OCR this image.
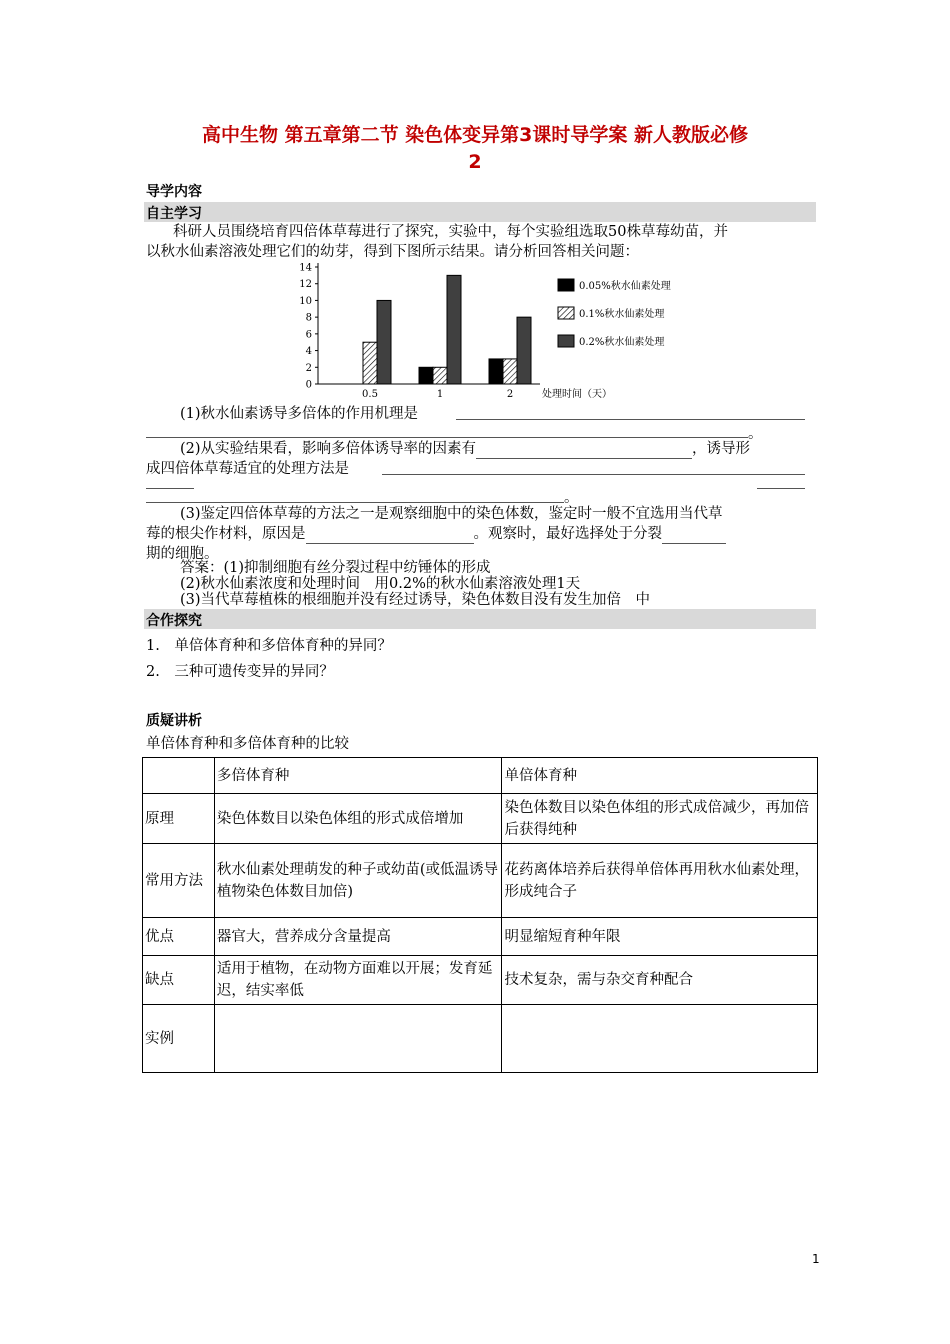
高中生物 第五章第二节 染色体变异第3课时导学案 新人教版必修
2
导学内容
自主学习
科研人员围绕培育四倍体草莓进行了探究，实验中，每个实验组选取50株草莓幼苗，并
以秋水仙素溶液处理它们的幼芽，得到下图所示结果。请分析回答相关问题：
0
2
4
6
8
10
12
14
0.5	1	2	处理时间（天）
0.05%秋水仙素处理
0.1%秋水仙素处理
0.2%秋水仙素处理
(1)秋水仙素诱导多倍体的作用机理是
。
(2)从实验结果看，影响多倍体诱导率的因素有	，诱导形
成四倍体草莓适宜的处理方法是
。
(3)鉴定四倍体草莓的方法之一是观察细胞中的染色体数，鉴定时一般不宜选用当代草
莓的根尖作材料，原因是	。观察时，最好选择处于分裂
期的细胞。
答案：(1)抑制细胞有丝分裂过程中纺锤体的形成
(2)秋水仙素浓度和处理时间　用0.2%的秋水仙素溶液处理1天
(3)当代草莓植株的根细胞并没有经过诱导，染色体数目没有发生加倍　中
合作探究
1.　单倍体育种和多倍体育种的异同？
2.　三种可遗传变异的异同？
质疑讲析
单倍体育种和多倍体育种的比较
	多倍体育种	单倍体育种
原理	染色体数目以染色体组的形式成倍增加	染色体数目以染色体组的形式成倍减少，再加倍后获得纯种
常用方法	秋水仙素处理萌发的种子或幼苗(或低温诱导植物染色体数目加倍)	花药离体培养后获得单倍体再用秋水仙素处理，形成纯合子
优点	器官大，营养成分含量提高	明显缩短育种年限
缺点	适用于植物，在动物方面难以开展；发育延迟，结实率低	技术复杂，需与杂交育种配合
实例		
1
